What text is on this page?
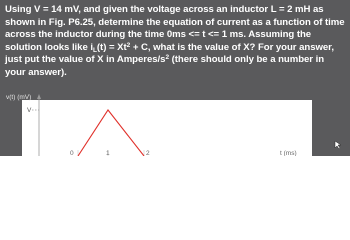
Using V = 14 mV, and given the voltage across an inductor L = 2 mH as shown in Fig. P6.25, determine the equation of current as a function of time across the inductor during the time 0ms <= t <= 1 ms. Assuming the solution looks like $i_L(t) = Xt^2 + C$, what is the value of X? For your answer, just put the value of X in Amperes/$s^2$ (there should only be a number in your answer).
v(t) (mV)
V
0	1	2	t (ms)
